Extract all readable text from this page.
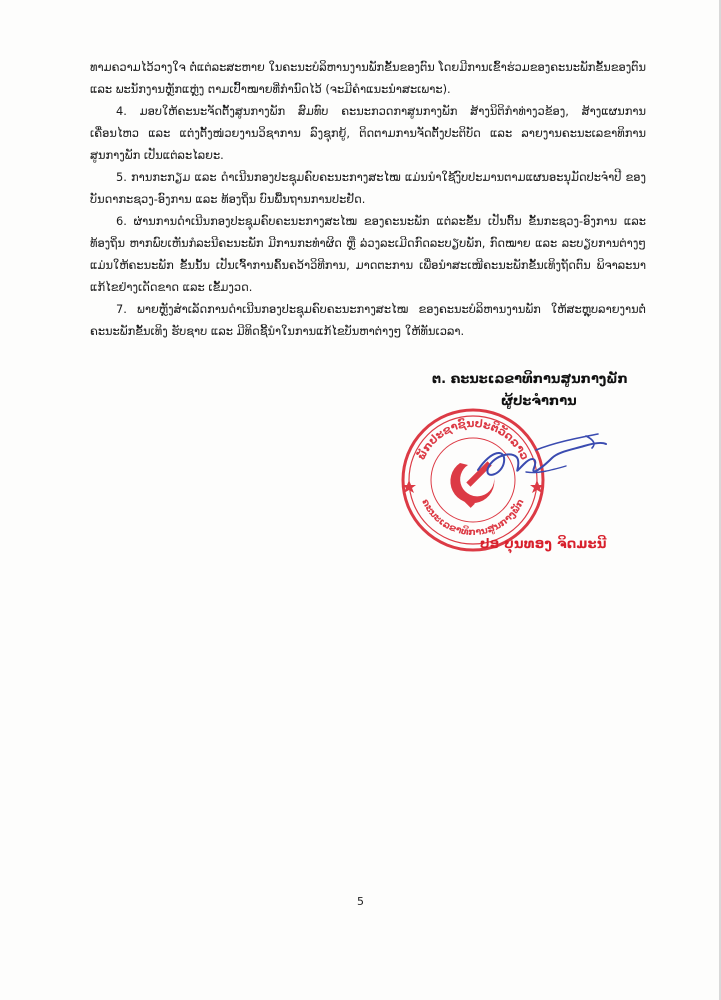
ທາມຄວາມໄວ້ວາງໃຈ ຕໍ່ແຕ່ລະສະຫາຍ ໃນຄະນະບໍລິຫານງານພັກຂັ້ນຂອງຕົນ ໂດຍມີການເຂົ້າຮ່ວມຂອງຄະນະພັກຂັ້ນຂອງຕົນ ແລະ ພະນັກງານຫຼັກແຫຼ່ງ ຕາມເປົ້າໝາຍທີ່ກຳນົດໄວ້ (ຈະມີຄຳແນະນຳສະເພາະ).

4. ມອບໃຫ້ຄະນະຈັດຕັ້ງສູນກາງພັກ ສົມທົບ ຄະນະກວດກາສູນກາງພັກ ສ້າງນິຕິກຳທ່າງວຂ້ອງ, ສ້າງແຜນການເຄື່ອນໄຫວ ແລະ ແຕ່ງຕັ້ງໜ່ວຍງານວິຊາການ ລົງຊຸກຍູ້, ຕິດຕາມການຈັດຕັ້ງປະຕິບັດ ແລະ ລາຍງານຄະນະເລຂາທິການສູນກາງພັກ ເປັນແຕ່ລະໄລຍະ.

5. ການກະກຽມ ແລະ ດຳເນີນກອງປະຊຸມຄົບຄະນະກາງສະໄໝ ແມ່ນນຳໃຊ້ງົບປະມານຕາມແຜນອະນຸມັດປະຈຳປີ ຂອງບັນດາກະຊວງ-ອົງການ ແລະ ທ້ອງຖິ່ນ ບົນພື້ນຖານການປະຢັດ.

6. ຜ່ານການດຳເນີນກອງປະຊຸມຄົບຄະນະກາງສະໄໝ ຂອງຄະນະພັກ ແຕ່ລະຂັ້ນ ເປັນຕົ້ນ ຂັ້ນກະຊວງ-ອົງການ ແລະ ທ້ອງຖິ່ນ ຫາກພົບເຫັນກໍລະນີຄະນະພັກ ມີການກະທຳຜິດ ຫຼື ລ່ວງລະເມີດກົດລະບຽບພັກ, ກົດໝາຍ ແລະ ລະບຽບການຕ່າງໆ ແມ່ນໃຫ້ຄະນະພັກ ຂັ້ນນັ້ນ ເປັນເຈົ້າການຄົ້ນຄວ້າວິທີການ, ມາດຕະການ ເພື່ອນຳສະເໜີຄະນະພັກຂັ້ນເທິງຖັດຕົນ ພິຈາລະນາແກ້ໄຂຢ່າງເດັດຂາດ ແລະ ເຂັ້ມງວດ.

7. ພາຍຫຼັງສຳເລັດການດຳເນີນກອງປະຊຸມຄົບຄະນະກາງສະໄໝ ຂອງຄະນະບໍລິຫານງານພັກ ໃຫ້ສະຫຼຸບລາຍງານຕໍ່ຄະນະພັກຂັ້ນເທິງ ຮັບຊາບ ແລະ ມີທິດຊີ້ນຳໃນການແກ້ໄຂບັນຫາຕ່າງໆ ໃຫ້ທັນເວລາ.

ຕ. ຄະນະເລຂາທິການສູນກາງພັກ
ຜູ້ປະຈຳການ
ພັກປະຊາຊົນປະຕິວັດລາວ
ຄະນະເລຂາທິການສູນກາງພັກ
ປອ ບຸນທອງ ຈິດມະນີ
5
